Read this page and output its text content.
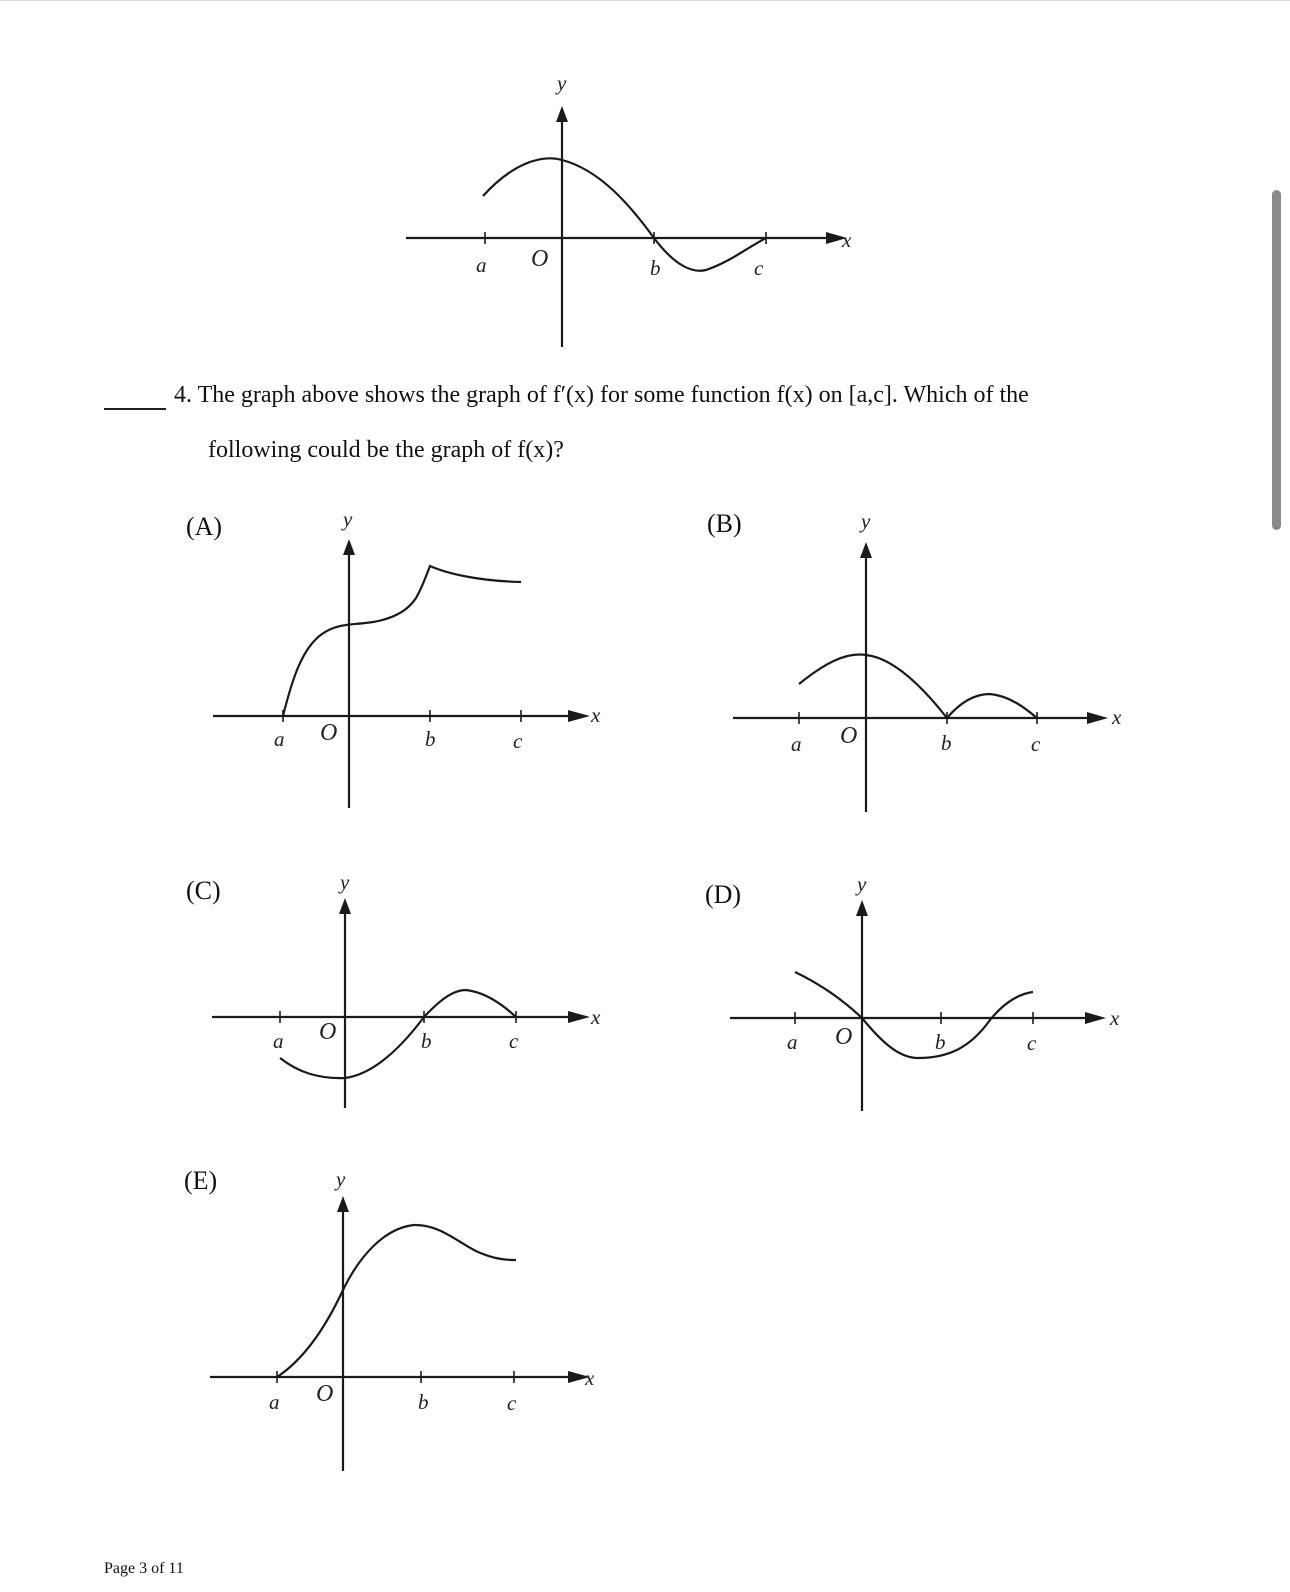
y
x
a O	b	c
(A)	y
x
a O	b	c
(B)	y
x
a O	b	c
(C)	y
x
a O	b	c
(D)	y
x
a O	b	c
(E)	y
x
a O	b	c
4. The graph above shows the graph of f′(x) for some function f(x) on [a,c]. Which of the
following could be the graph of f(x)?
Page 3 of 11
